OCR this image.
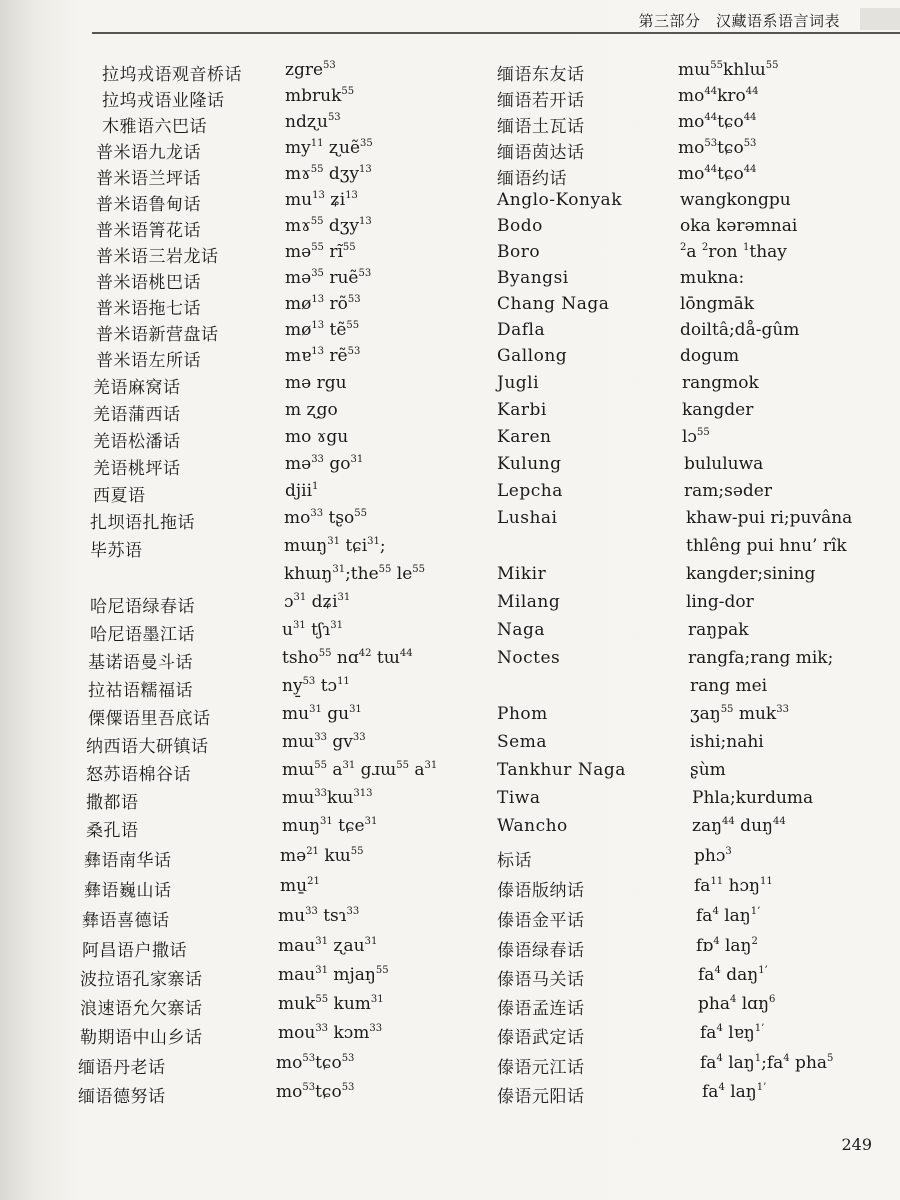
第三部分　汉藏语系语言词表
拉坞戎语观音桥话	zgre$^{53}$
拉坞戎语业隆话	mbruk$^{55}$
木雅语六巴话	ndʐu$^{53}$
普米语九龙话	$my^{11}$ ʐuẽ$^{35}$
普米语兰坪话	mɤ$^{55}$ dʒy$^{13}$
普米语鲁甸话	$mu^{13}$ ʑi$^{13}$
普米语箐花话	mɤ$^{55}$ dʒy$^{13}$
普米语三岩龙话	mə$^{55}$ $rĩ^{55}$
普米语桃巴话	mə$^{35}$ ruẽ$^{53}$
普米语拖七话	$mø^{13}$ $rõ^{53}$
普米语新营盘话	$mø^{13}$ tẽ$^{55}$
普米语左所话	mɐ$^{13}$ rẽ$^{53}$
羌语麻窝话	mə rgu
羌语蒲西话	m ʐgo
羌语松潘话	mo ɤgu
羌语桃坪话	mə$^{33}$ $go^{31}$
西夏语	djii$^1$
扎坝语扎拖话	$mo^{33}$ tʂo$^{55}$
毕苏语	mɯŋ$^{31}$ tɕi$^{31}$;
khɯŋ$^{31}$;the$^{55}$ $le^{55}$
哈尼语绿春话	ɔ$^{31}$ dʑi$^{31}$
哈尼语墨江话	$u^{31}$ tʃɿ$^{31}$
基诺语曼斗话	tsho$^{55}$ nɑ$^{42}$ tɯ$^{44}$
拉祜语糯福话	ny̱$^{53}$ tɔ$^{11}$
傈僳语里吾底话	$mu^{31}$ $gu^{31}$
纳西语大研镇话	mɯ$^{33}$ $gv^{33}$
怒苏语棉谷话	mɯ$^{55}$ $a^{31}$ gɹɯ$^{55}$ $a^{31}$
撒都语	mɯ$^{33}$kɯ$^{313}$
桑孔语	muŋ$^{31}$ tɕe$^{31}$
彝语南华话	mə$^{21}$ kɯ$^{55}$
彝语巍山话	mu̱$^{21}$
彝语喜德话	$mu^{33}$ tsɿ$^{33}$
阿昌语户撒话	mau$^{31}$ ʐau$^{31}$
波拉语孔家寨话	mau$^{31}$ mjaŋ$^{55}$
浪速语允欠寨话	muk$^{55}$ kum$^{31}$
勒期语中山乡话	mou$^{33}$ kɔm$^{33}$
缅语丹老话	$mo^{53}tɕo^{53}$
缅语德努话	$mo^{53}tɕo^{53}$
缅语东友话	mɯ$^{55}$khlɯ$^{55}$
缅语若开话	$mo^{44}kro^{44}$
缅语土瓦话	$mo^{44}tɕo^{44}$
缅语茵达话	$mo^{53}tɕo^{53}$
缅语约话	$mo^{44}tɕo^{44}$
Anglo-Konyak	wangkongpu
Bodo	oka kərəmnai
Boro	$^2$a $^2$ron $^1$thay
Byangsi	mukna:
Chang Naga	lōngmāk
Dafla	doiltâ;då-gûm
Gallong	dogum
Jugli	rangmok
Karbi	kangder
Karen	lɔ$^{55}$
Kulung	bululuwa
Lepcha	ram;səder
Lushai	khaw-pui ri;puvâna
thlêng pui hnu’ rîk
Mikir	kangder;sining
Milang	ling-dor
Naga	raŋpak
Noctes	rangfa;rang mik;
rang mei
Phom	ʒaŋ$^{55}$ muk$^{33}$
Sema	ishi;nahi
Tankhur Naga	ʂùm
Tiwa	Phla;kurduma
Wancho	zaŋ$^{44}$ duŋ$^{44}$
标话	phɔ$^3$
傣语版纳话	$fa^{11}$ hɔŋ$^{11}$
傣语金平话	$fa^4$ laŋ$^{1’}$
傣语绿春话	fɒ$^4$ laŋ$^2$
傣语马关话	$fa^4$ daŋ$^{1’}$
傣语孟连话	pha$^4$ lɑŋ$^6$
傣语武定话	$fa^4$ lɐŋ$^{1’}$
傣语元江话	$fa^4$ $laŋ^1;fa^4$ pha$^5$
傣语元阳话	$fa^4$ laŋ$^{1’}$
249
